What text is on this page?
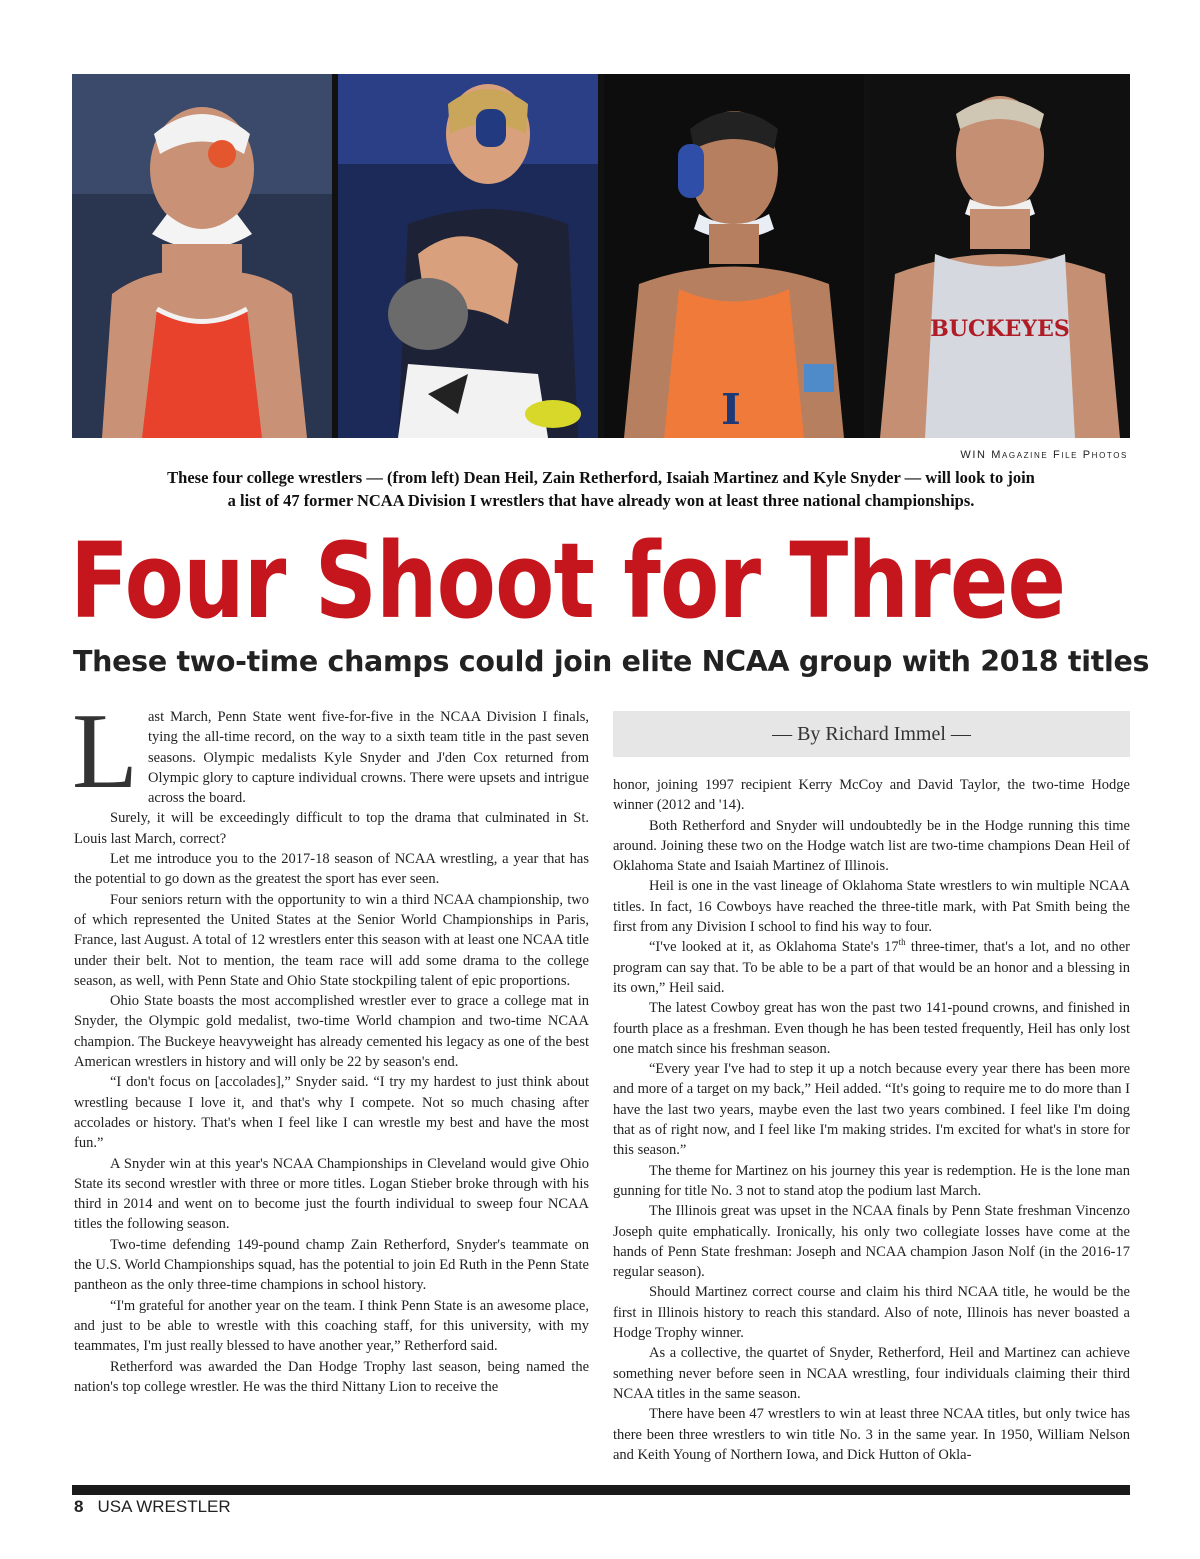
I
BUCKEYES
WIN Magazine File Photos
These four college wrestlers — (from left) Dean Heil, Zain Retherford, Isaiah Martinez and Kyle Snyder — will look to join
a list of 47 former NCAA Division I wrestlers that have already won at least three national championships.
Four Shoot for Three
These two-time champs could join elite NCAA group with 2018 titles

Last March, Penn State went five-for-five in the NCAA Division I finals, tying the all-time record, on the way to a sixth team title in the past seven seasons. Olympic medalists Kyle Snyder and J'den Cox returned from Olympic glory to capture individual crowns. There were upsets and intrigue across the board.

Surely, it will be exceedingly difficult to top the drama that culminated in St. Louis last March, correct?

Let me introduce you to the 2017-18 season of NCAA wrestling, a year that has the potential to go down as the greatest the sport has ever seen.

Four seniors return with the opportunity to win a third NCAA championship, two of which represented the United States at the Senior World Championships in Paris, France, last August. A total of 12 wrestlers enter this season with at least one NCAA title under their belt. Not to mention, the team race will add some drama to the college season, as well, with Penn State and Ohio State stockpiling talent of epic proportions.

Ohio State boasts the most accomplished wrestler ever to grace a college mat in Snyder, the Olympic gold medalist, two-time World champion and two-time NCAA champion. The Buckeye heavyweight has already cemented his legacy as one of the best American wrestlers in history and will only be 22 by season's end.

“I don't focus on [accolades],” Snyder said. “I try my hardest to just think about wrestling because I love it, and that's why I compete. Not so much chasing after accolades or history. That's when I feel like I can wrestle my best and have the most fun.”

A Snyder win at this year's NCAA Championships in Cleveland would give Ohio State its second wrestler with three or more titles. Logan Stieber broke through with his third in 2014 and went on to become just the fourth individual to sweep four NCAA titles the following season.

Two-time defending 149-pound champ Zain Retherford, Snyder's teammate on the U.S. World Championships squad, has the potential to join Ed Ruth in the Penn State pantheon as the only three-time champions in school history.

“I'm grateful for another year on the team. I think Penn State is an awesome place, and just to be able to wrestle with this coaching staff, for this university, with my teammates, I'm just really blessed to have another year,” Retherford said.

Retherford was awarded the Dan Hodge Trophy last season, being named the nation's top college wrestler. He was the third Nittany Lion to receive the

— By Richard Immel —

honor, joining 1997 recipient Kerry McCoy and David Taylor, the two-time Hodge winner (2012 and '14).

Both Retherford and Snyder will undoubtedly be in the Hodge running this time around. Joining these two on the Hodge watch list are two-time champions Dean Heil of Oklahoma State and Isaiah Martinez of Illinois.

Heil is one in the vast lineage of Oklahoma State wrestlers to win multiple NCAA titles. In fact, 16 Cowboys have reached the three-title mark, with Pat Smith being the first from any Division I school to find his way to four.

“I've looked at it, as Oklahoma State's 17th three-timer, that's a lot, and no other program can say that. To be able to be a part of that would be an honor and a blessing in its own,” Heil said.

The latest Cowboy great has won the past two 141-pound crowns, and finished in fourth place as a freshman. Even though he has been tested frequently, Heil has only lost one match since his freshman season.

“Every year I've had to step it up a notch because every year there has been more and more of a target on my back,” Heil added. “It's going to require me to do more than I have the last two years, maybe even the last two years combined. I feel like I'm doing that as of right now, and I feel like I'm making strides. I'm excited for what's in store for this season.”

The theme for Martinez on his journey this year is redemption. He is the lone man gunning for title No. 3 not to stand atop the podium last March.

The Illinois great was upset in the NCAA finals by Penn State freshman Vincenzo Joseph quite emphatically. Ironically, his only two collegiate losses have come at the hands of Penn State freshman: Joseph and NCAA champion Jason Nolf (in the 2016-17 regular season).

Should Martinez correct course and claim his third NCAA title, he would be the first in Illinois history to reach this standard. Also of note, Illinois has never boasted a Hodge Trophy winner.

As a collective, the quartet of Snyder, Retherford, Heil and Martinez can achieve something never before seen in NCAA wrestling, four individuals claiming their third NCAA titles in the same season.

There have been 47 wrestlers to win at least three NCAA titles, but only twice has there been three wrestlers to win title No. 3 in the same year. In 1950, William Nelson and Keith Young of Northern Iowa, and Dick Hutton of Okla-

8 USA WRESTLER
